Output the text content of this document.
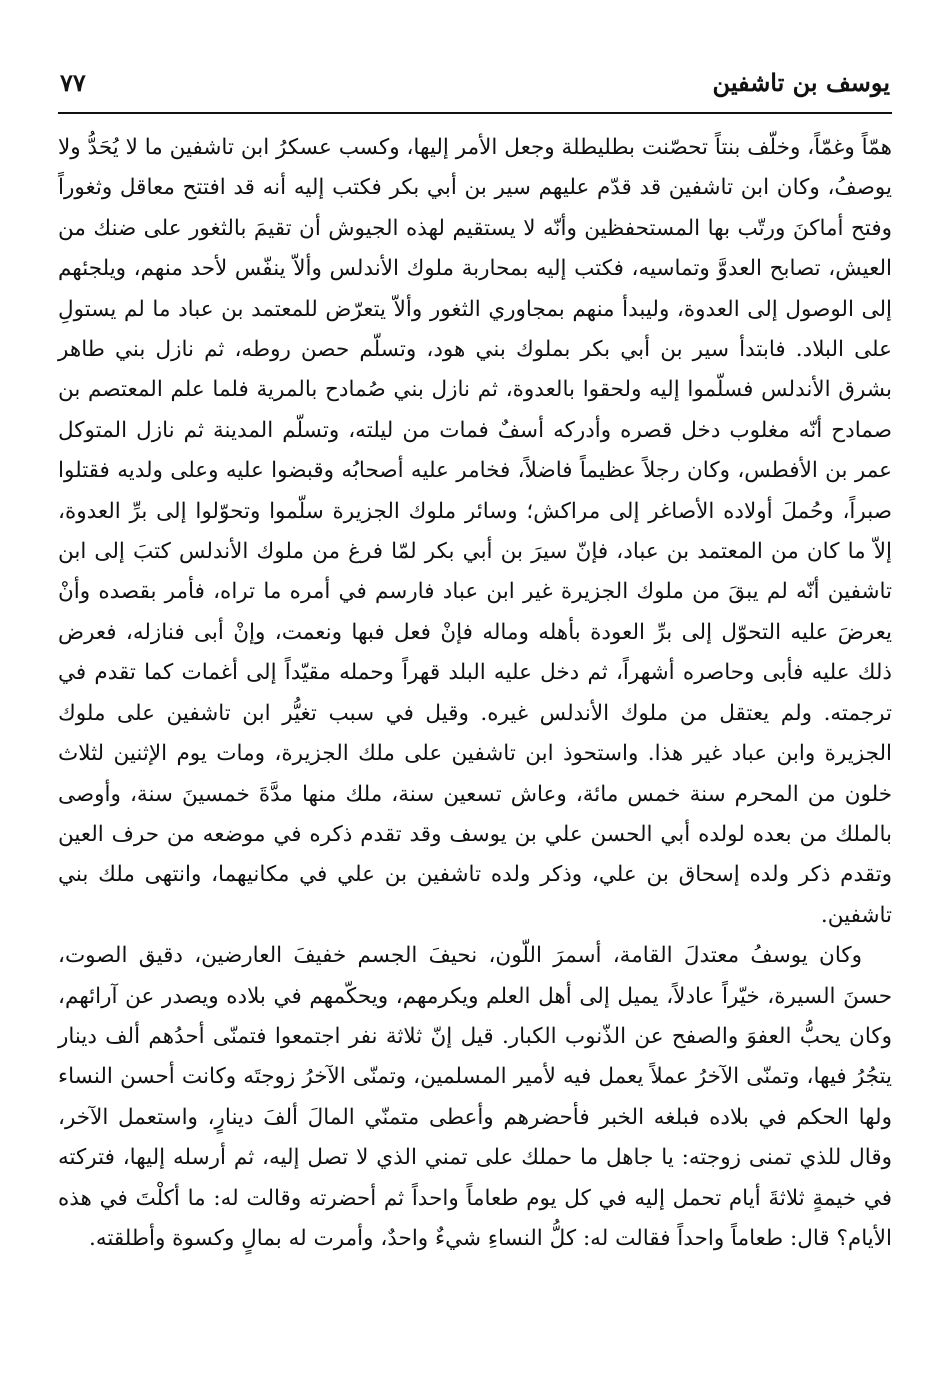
يوسف بن تاشفين
٧٧

همّاً وغمّاً، وخلّف بنتاً تحصّنت بطليطلة وجعل الأمر إليها، وكسب عسكرُ ابن تاشفين ما لا يُحَدُّ ولا يوصفُ، وكان ابن تاشفين قد قدّم عليهم سير بن أبي بكر فكتب إليه أنه قد افتتح معاقل وثغوراً وفتح أماكنَ ورتّب بها المستحفظين وأنّه لا يستقيم لهذه الجيوش أن تقيمَ بالثغور على ضنك من العيش، تصابح العدوَّ وتماسيه، فكتب إليه بمحاربة ملوك الأندلس وألاّ ينفّس لأحد منهم، ويلجئهم إلى الوصول إلى العدوة، وليبدأ منهم بمجاوري الثغور وألاّ يتعرّض للمعتمد بن عباد ما لم يستولِ على البلاد. فابتدأ سير بن أبي بكر بملوك بني هود، وتسلّم حصن روطه، ثم نازل بني طاهر بشرق الأندلس فسلّموا إليه ولحقوا بالعدوة، ثم نازل بني صُمادح بالمرية فلما علم المعتصم بن صمادح أنّه مغلوب دخل قصره وأدركه أسفٌ فمات من ليلته، وتسلّم المدينة ثم نازل المتوكل عمر بن الأفطس، وكان رجلاً عظيماً فاضلاً، فخامر عليه أصحابُه وقبضوا عليه وعلى ولديه فقتلوا صبراً، وحُملَ أولاده الأصاغر إلى مراكش؛ وسائر ملوك الجزيرة سلّموا وتحوّلوا إلى برِّ العدوة، إلاّ ما كان من المعتمد بن عباد، فإنّ سيرَ بن أبي بكر لمّا فرغ من ملوك الأندلس كتبَ إلى ابن تاشفين أنّه لم يبقَ من ملوك الجزيرة غير ابن عباد فارسم في أمره ما تراه، فأمر بقصده وأنْ يعرضَ عليه التحوّل إلى برِّ العودة بأهله وماله فإنْ فعل فبها ونعمت، وإنْ أبى فنازله، فعرض ذلك عليه فأبى وحاصره أشهراً، ثم دخل عليه البلد قهراً وحمله مقيّداً إلى أغمات كما تقدم في ترجمته. ولم يعتقل من ملوك الأندلس غيره. وقيل في سبب تغيُّر ابن تاشفين على ملوك الجزيرة وابن عباد غير هذا. واستحوذ ابن تاشفين على ملك الجزيرة، ومات يوم الإثنين لثلاث خلون من المحرم سنة خمس مائة، وعاش تسعين سنة، ملك منها مدَّةَ خمسينَ سنة، وأوصى بالملك من بعده لولده أبي الحسن علي بن يوسف وقد تقدم ذكره في موضعه من حرف العين وتقدم ذكر ولده إسحاق بن علي، وذكر ولده تاشفين بن علي في مكانيهما، وانتهى ملك بني تاشفين.

وكان يوسفُ معتدلَ القامة، أسمرَ اللّون، نحيفَ الجسم خفيفَ العارضين، دقيق الصوت، حسنَ السيرة، خيّراً عادلاً، يميل إلى أهل العلم ويكرمهم، ويحكّمهم في بلاده ويصدر عن آرائهم، وكان يحبُّ العفوَ والصفح عن الذّنوب الكبار. قيل إنّ ثلاثة نفر اجتمعوا فتمنّى أحدُهم ألف دينار يتجُرُ فيها، وتمنّى الآخرُ عملاً يعمل فيه لأمير المسلمين، وتمنّى الآخرُ زوجتَه وكانت أحسن النساء ولها الحكم في بلاده فبلغه الخبر فأحضرهم وأعطى متمنّي المالَ ألفَ دينارٍ، واستعمل الآخر، وقال للذي تمنى زوجته: يا جاهل ما حملك على تمني الذي لا تصل إليه، ثم أرسله إليها، فتركته في خيمةٍ ثلاثةَ أيام تحمل إليه في كل يوم طعاماً واحداً ثم أحضرته وقالت له: ما أكلْتَ في هذه الأيام؟ قال: طعاماً واحداً فقالت له: كلُّ النساءِ شيءٌ واحدٌ، وأمرت له بمالٍ وكسوة وأطلقته.
